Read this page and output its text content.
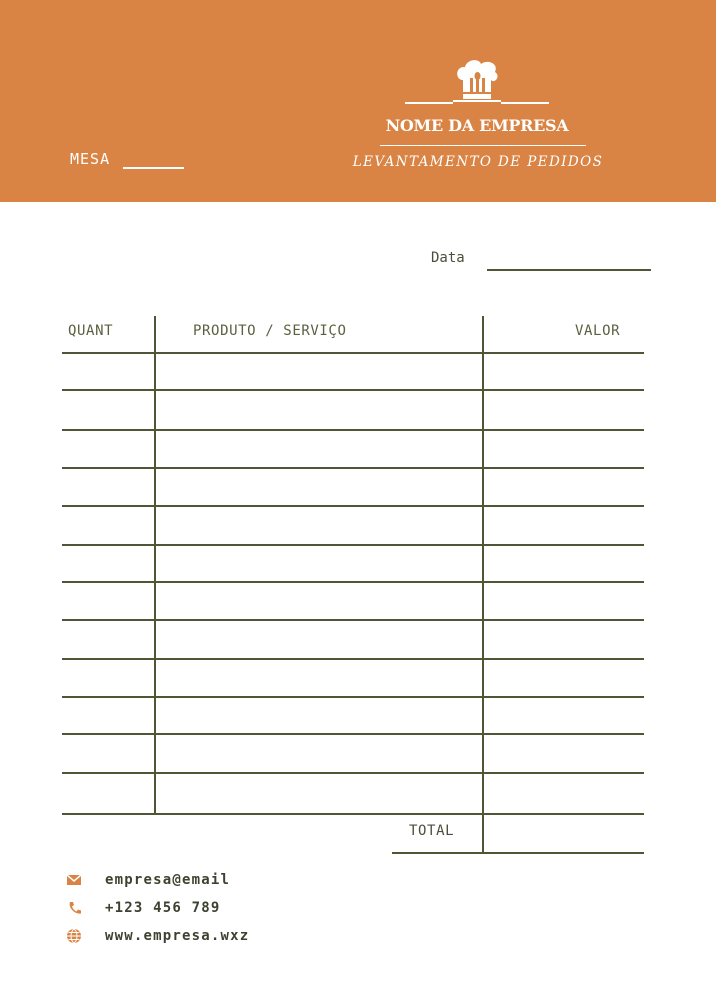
NOME DA EMPRESA
LEVANTAMENTO DE PEDIDOS
MESA
Data
QUANT	PRODUTO / SERVIÇO	VALOR
TOTAL
empresa@email
+123 456 789
www.empresa.wxz
